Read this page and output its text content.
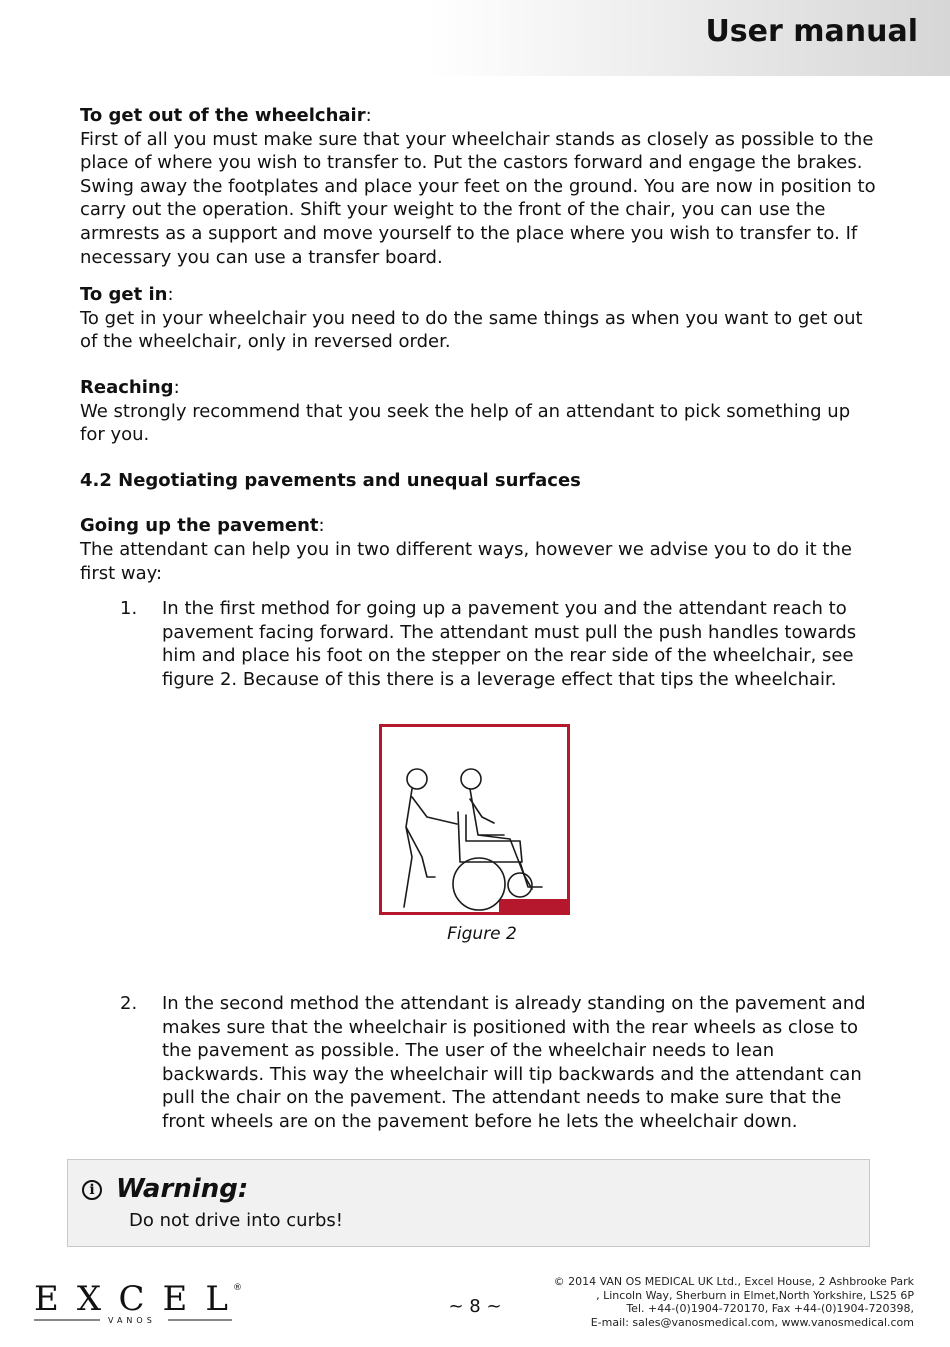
User manual

To get out of the wheelchair:

First of all you must make sure that your wheelchair stands as closely as possible to the place of where you wish to transfer to. Put the castors forward and engage the brakes. Swing away the footplates and place your feet on the ground. You are now in position to carry out the operation. Shift your weight to the front of the chair, you can use the armrests as a support and move yourself to the place where you wish to transfer to. If necessary you can use a transfer board.

To get in:

To get in your wheelchair you need to do the same things as when you want to get out of the wheelchair, only in reversed order.

Reaching:

We strongly recommend that you seek the help of an attendant to pick something up for you.

4.2 Negotiating pavements and unequal surfaces

Going up the pavement:

The attendant can help you in two different ways, however we advise you to do it the first way:

1. In the first method for going up a pavement you and the attendant reach to pavement facing forward. The attendant must pull the push handles towards him and place his foot on the stepper on the rear side of the wheelchair, see figure 2. Because of this there is a leverage effect that tips the wheelchair.
Figure 2
2. In the second method the attendant is already standing on the pavement and makes sure that the wheelchair is positioned with the rear wheels as close to the pavement as possible. The user of the wheelchair needs to lean backwards. This way the wheelchair will tip backwards and the attendant can pull the chair on the pavement. The attendant needs to make sure that the front wheels are on the pavement before he lets the wheelchair down.
i Warning:
Do not drive into curbs!
EXCEL ®
VANOS
~ 8 ~
© 2014 VAN OS MEDICAL UK Ltd., Excel House, 2 Ashbrooke Park
, Lincoln Way, Sherburn in Elmet,North Yorkshire, LS25 6P
Tel. +44-(0)1904-720170, Fax +44-(0)1904-720398,
E-mail: sales@vanosmedical.com, www.vanosmedical.com
